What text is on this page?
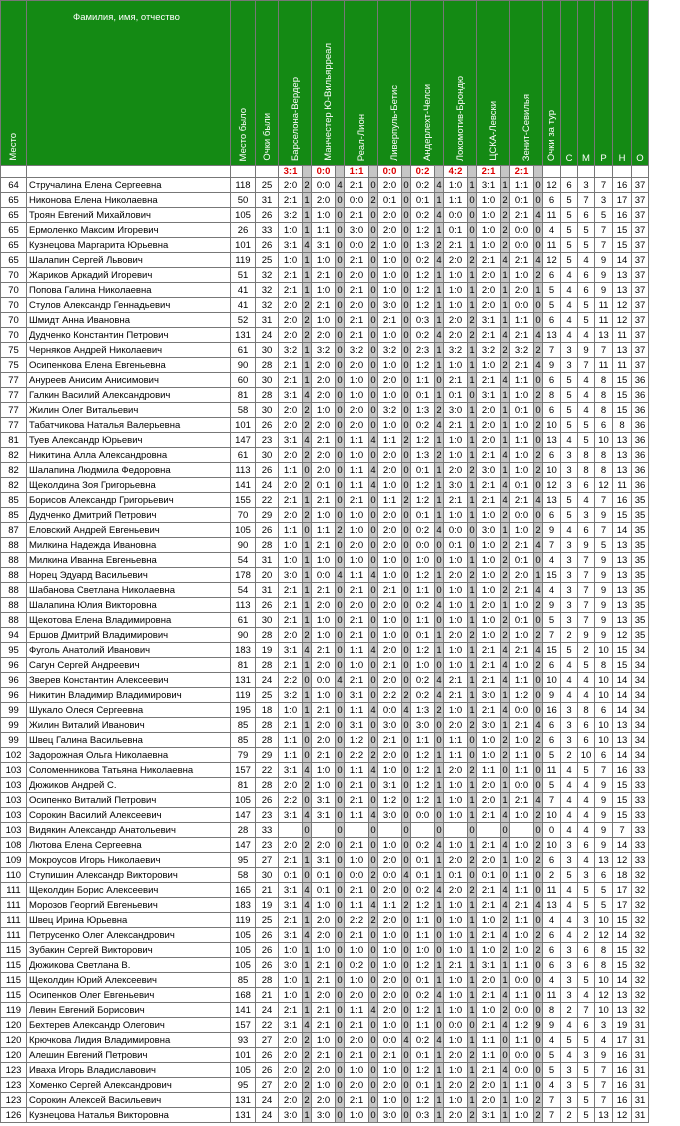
Место	Фамилия, имя, отчество	Место было	Очки были	Барселона-Вердер		Манчестер Ю-Вильярреал		Реал-Лион		Ливерпуль-Бетис		Андерлехт-Челси		Локомотив-Брондю		ЦСКА-Левски		Зенит-Севилья		Очки за тур	С	М	Р	Н	О
				3:1		0:0		1:1		0:0		0:2		4:2		2:1		2:1							
64	Стручалина Елена Сергеевна	118	25	2:0	2	0:0	4	2:1	0	2:0	0	0:2	4	1:0	1	3:1	1	1:1	0	12	6	3	7	16	37
65	Никонова Елена Николаевна	50	31	2:1	1	2:0	0	0:0	2	0:1	0	0:1	1	1:1	0	1:0	2	0:1	0	6	5	7	3	17	37
65	Троян Евгений Михайлович	105	26	3:2	1	1:0	0	2:1	0	2:0	0	0:2	4	0:0	0	1:0	2	2:1	4	11	5	6	5	16	37
65	Ермоленко Максим Игоревич	26	33	1:0	1	1:1	0	3:0	0	2:0	0	1:2	1	0:1	0	1:0	2	0:0	0	4	5	5	7	15	37
65	Кузнецова Маргарита Юрьевна	101	26	3:1	4	3:1	0	0:0	2	1:0	0	1:3	2	2:1	1	1:0	2	0:0	0	11	5	5	7	15	37
65	Шалапин Сергей Львович	119	25	1:0	1	1:0	0	2:1	0	1:0	0	0:2	4	2:0	2	2:1	4	2:1	4	12	5	4	9	14	37
70	Жариков Аркадий Игоревич	51	32	2:1	1	2:1	0	2:0	0	1:0	0	1:2	1	1:0	1	2:0	1	1:0	2	6	4	6	9	13	37
70	Попова Галина Николаевна	41	32	2:1	1	1:0	0	2:1	0	1:0	0	1:2	1	1:0	1	2:0	1	2:0	1	5	4	6	9	13	37
70	Стулов Александр Геннадьевич	41	32	2:0	2	2:1	0	2:0	0	3:0	0	1:2	1	1:0	1	2:0	1	0:0	0	5	4	5	11	12	37
70	Шмидт Анна Ивановна	52	31	2:0	2	1:0	0	2:1	0	2:1	0	0:3	1	2:0	2	3:1	1	1:1	0	6	4	5	11	12	37
70	Дудченко Константин Петрович	131	24	2:0	2	2:0	0	2:1	0	1:0	0	0:2	4	2:0	2	2:1	4	2:1	4	13	4	4	13	11	37
75	Черняков Андрей Николаевич	61	30	3:2	1	3:2	0	3:2	0	3:2	0	2:3	1	3:2	1	3:2	2	3:2	2	7	3	9	7	13	37
75	Осипенкова Елена Евгеньевна	90	28	2:1	1	2:0	0	2:0	0	1:0	0	1:2	1	1:0	1	1:0	2	2:1	4	9	3	7	11	11	37
77	Ануреев Анисим Анисимович	60	30	2:1	1	2:0	0	1:0	0	2:0	0	1:1	0	2:1	1	2:1	4	1:1	0	6	5	4	8	15	36
77	Галкин Василий Александрович	81	28	3:1	4	2:0	0	1:0	0	1:0	0	0:1	1	0:1	0	3:1	1	1:0	2	8	5	4	8	15	36
77	Жилин Олег Витальевич	58	30	2:0	2	1:0	0	2:0	0	3:2	0	1:3	2	3:0	1	2:0	1	0:1	0	6	5	4	8	15	36
77	Табатчикова Наталья Валерьевна	101	26	2:0	2	2:0	0	2:0	0	1:0	0	0:2	4	2:1	1	2:0	1	1:0	2	10	5	5	6	8	36
81	Туев Александр Юрьевич	147	23	3:1	4	2:1	0	1:1	4	1:1	2	1:2	1	1:0	1	2:0	1	1:1	0	13	4	5	10	13	36
82	Никитина Алла Александровна	61	30	2:0	2	2:0	0	1:0	0	2:0	0	1:3	2	1:0	1	2:1	4	1:0	2	6	3	8	8	13	36
82	Шалапина Людмила Федоровна	113	26	1:1	0	2:0	0	1:1	4	2:0	0	0:1	1	2:0	2	3:0	1	1:0	2	10	3	8	8	13	36
82	Щеколдина Зоя Григорьевна	141	24	2:0	2	0:1	0	1:1	4	1:0	0	1:2	1	3:0	1	2:1	4	0:1	0	12	3	6	12	11	36
85	Борисов Александр Григорьевич	155	22	2:1	1	2:1	0	2:1	0	1:1	2	1:2	1	2:1	1	2:1	4	2:1	4	13	5	4	7	16	35
85	Дудченко Дмитрий Петрович	70	29	2:0	2	1:0	0	1:0	0	2:0	0	0:1	1	1:0	1	1:0	2	0:0	0	6	5	3	9	15	35
87	Еловский Андрей Евгеньевич	105	26	1:1	0	1:1	2	1:0	0	2:0	0	0:2	4	0:0	0	3:0	1	1:0	2	9	4	6	7	14	35
88	Милкина Надежда Ивановна	90	28	1:0	1	2:1	0	2:0	0	2:0	0	0:0	0	0:1	0	1:0	2	2:1	4	7	3	9	5	13	35
88	Милкина Иванна Евгеньевна	54	31	1:0	1	1:0	0	1:0	0	1:0	0	1:0	0	1:0	1	1:0	2	0:1	0	4	3	7	9	13	35
88	Норец Эдуард Васильевич	178	20	3:0	1	0:0	4	1:1	4	1:0	0	1:2	1	2:0	2	1:0	2	2:0	1	15	3	7	9	13	35
88	Шабанова Светлана Николаевна	54	31	2:1	1	2:1	0	2:1	0	2:1	0	1:1	0	1:0	1	1:0	2	2:1	4	4	3	7	9	13	35
88	Шалапина Юлия Викторовна	113	26	2:1	1	2:0	0	2:0	0	2:0	0	0:2	4	1:0	1	2:0	1	1:0	2	9	3	7	9	13	35
88	Щекотова Елена Владимировна	61	30	2:1	1	1:0	0	2:1	0	1:0	0	1:1	0	1:0	1	1:0	2	0:1	0	5	3	7	9	13	35
94	Ершов Дмитрий Владимирович	90	28	2:0	2	1:0	0	2:1	0	1:0	0	0:1	1	2:0	2	1:0	2	1:0	2	7	2	9	9	12	35
95	Фуголь Анатолий Иванович	183	19	3:1	4	2:1	0	1:1	4	2:0	0	1:2	1	1:0	1	2:1	4	2:1	4	15	5	2	10	15	34
96	Сагун Сергей Андреевич	81	28	2:1	1	2:0	0	1:0	0	2:1	0	1:0	0	1:0	1	2:1	4	1:0	2	6	4	5	8	15	34
96	Зверев Константин Алексеевич	131	24	2:2	0	0:0	4	2:1	0	2:0	0	0:2	4	2:1	1	2:1	4	1:1	0	10	4	4	10	14	34
96	Никитин Владимир Владимирович	119	25	3:2	1	1:0	0	3:1	0	2:2	2	0:2	4	2:1	1	3:0	1	1:2	0	9	4	4	10	14	34
99	Шукало Олеся Сергеевна	195	18	1:0	1	2:1	0	1:1	4	0:0	4	1:3	2	1:0	1	2:1	4	0:0	0	16	3	8	6	14	34
99	Жилин Виталий Иванович	85	28	2:1	1	2:0	0	3:1	0	3:0	0	3:0	0	2:0	2	3:0	1	2:1	4	6	3	6	10	13	34
99	Швец Галина Васильевна	85	28	1:1	0	2:0	0	1:2	0	2:1	0	1:1	0	1:1	0	1:0	2	1:0	2	6	3	6	10	13	34
102	Задорожная Ольга Николаевна	79	29	1:1	0	2:1	0	2:2	2	2:0	0	1:2	1	1:1	0	1:0	2	1:1	0	5	2	10	6	14	34
103	Соломенникова Татьяна Николаевна	157	22	3:1	4	1:0	0	1:1	4	1:0	0	1:2	1	2:0	2	1:1	0	1:1	0	11	4	5	7	16	33
103	Дюжиков Андрей С.	81	28	2:0	2	1:0	0	2:1	0	3:1	0	1:2	1	1:0	1	2:0	1	0:0	0	5	4	4	9	15	33
103	Осипенко Виталий Петрович	105	26	2:2	0	3:1	0	2:1	0	1:2	0	1:2	1	1:0	1	2:0	1	2:1	4	7	4	4	9	15	33
103	Сорокин Василий Алексеевич	147	23	3:1	4	3:1	0	1:1	4	3:0	0	0:0	0	1:0	1	2:1	4	1:0	2	10	4	4	9	15	33
103	Видякин Александр Анатольевич	28	33		0		0		0		0		0		0		0		0	0	4	4	9	7	33
108	Лютова Елена Сергеевна	147	23	2:0	2	2:0	0	2:1	0	1:0	0	0:2	4	1:0	1	2:1	4	1:0	2	10	3	6	9	14	33
109	Мокроусов Игорь Николаевич	95	27	2:1	1	3:1	0	1:0	0	2:0	0	0:1	1	2:0	2	2:0	1	1:0	2	6	3	4	13	12	33
110	Ступишин Александр Викторович	58	30	0:1	0	0:1	0	0:0	2	0:0	4	0:1	1	0:1	0	0:1	0	1:1	0	2	5	3	6	18	32
111	Щеколдин Борис Алексеевич	165	21	3:1	4	0:1	0	2:1	0	2:0	0	0:2	4	2:0	2	2:1	4	1:1	0	11	4	5	5	17	32
111	Морозов Георгий Евгеньевич	183	19	3:1	4	1:0	0	1:1	4	1:1	2	1:2	1	1:0	1	2:1	4	2:1	4	13	4	5	5	17	32
111	Швец Ирина Юрьевна	119	25	2:1	1	2:0	0	2:2	2	2:0	0	1:1	0	1:0	1	1:0	2	1:1	0	4	4	3	10	15	32
111	Петрусенко Олег Александрович	105	26	3:1	4	2:0	0	2:1	0	1:0	0	1:1	0	1:0	1	2:1	4	1:0	2	6	4	2	12	14	32
115	Зубакин Сергей Викторович	105	26	1:0	1	1:0	0	1:0	0	1:0	0	1:0	0	1:0	1	1:0	2	1:0	2	6	3	6	8	15	32
115	Дюжикова Светлана В.	105	26	3:0	1	2:1	0	0:2	0	1:0	0	1:2	1	2:1	1	3:1	1	1:1	0	6	3	6	8	15	32
115	Щеколдин Юрий Алексеевич	85	28	1:0	1	2:1	0	1:0	0	2:0	0	0:1	1	1:0	1	2:0	1	0:0	0	4	3	5	10	14	32
115	Осипенков Олег Евгеньевич	168	21	1:0	1	2:0	0	2:0	0	2:0	0	0:2	4	1:0	1	2:1	4	1:1	0	11	3	4	12	13	32
119	Левин Евгений Борисович	141	24	2:1	1	2:1	0	1:1	4	2:0	0	1:2	1	1:0	1	1:0	2	0:0	0	8	2	7	10	13	32
120	Бехтерев Александр Олегович	157	22	3:1	4	2:1	0	2:1	0	1:0	0	1:1	0	0:0	0	2:1	4	1:2	9	9	4	6	3	19	31
120	Крючкова Лидия Владимировна	93	27	2:0	2	1:0	0	2:0	0	0:0	4	0:2	4	1:0	1	1:1	0	1:1	0	4	5	5	4	17	31
120	Алешин Евгений Петрович	101	26	2:0	2	2:1	0	2:1	0	2:1	0	0:1	1	2:0	2	1:1	0	0:0	0	5	4	3	9	16	31
123	Иваха Игорь Владиславович	105	26	2:0	2	2:0	0	1:0	0	1:0	0	1:2	1	1:0	1	2:1	4	0:0	0	5	3	5	7	16	31
123	Хоменко Сергей Александрович	95	27	2:0	2	1:0	0	2:0	0	2:0	0	0:1	1	2:0	2	2:0	1	1:1	0	4	3	5	7	16	31
123	Сорокин Алексей Васильевич	131	24	2:0	2	2:0	0	2:1	0	1:0	0	1:2	1	1:0	1	2:0	1	1:0	2	7	3	5	7	16	31
126	Кузнецова Наталья Викторовна	131	24	3:0	1	3:0	0	1:0	0	3:0	0	0:3	1	2:0	2	3:1	1	1:0	2	7	2	5	13	12	31
